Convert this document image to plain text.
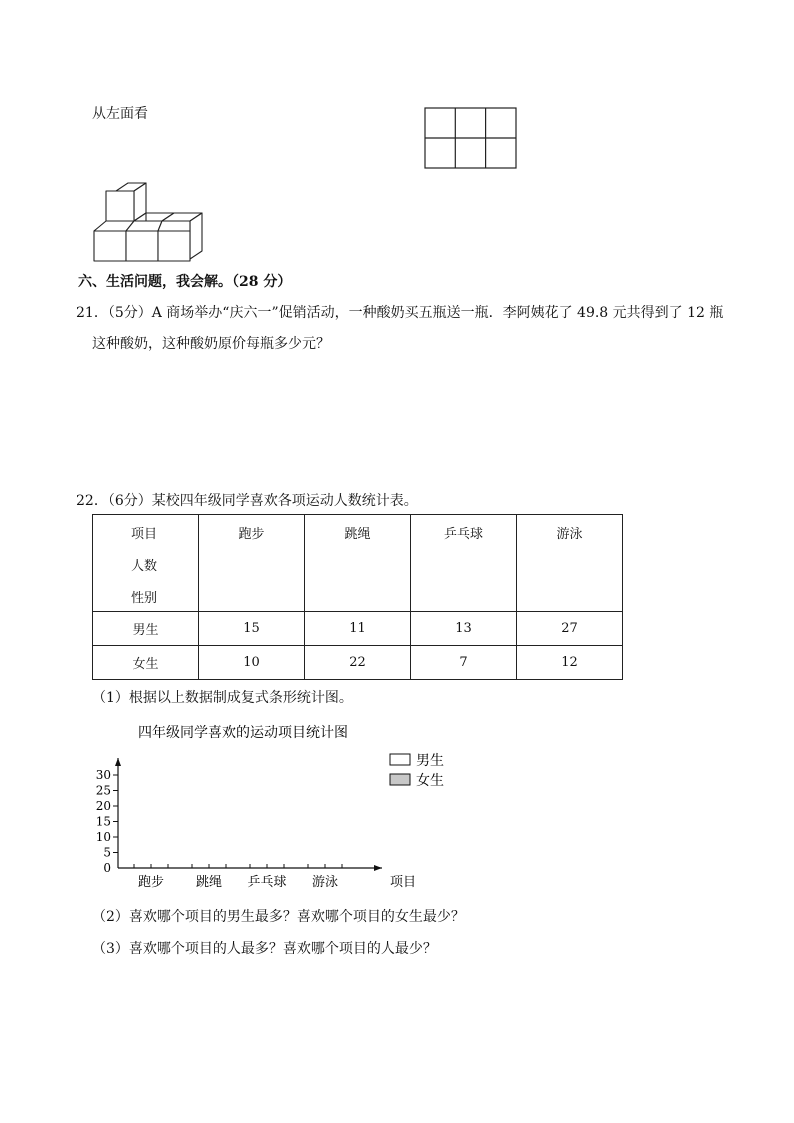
从左面看
六、生活问题，我会解。（28 分）
21．（5分）A 商场举办“庆六一”促销活动，一种酸奶买五瓶送一瓶．李阿姨花了 49.8 元共得到了 12 瓶
这种酸奶，这种酸奶原价每瓶多少元？
22．（6分）某校四年级同学喜欢各项运动人数统计表。
项目
人数
性别	跑步	跳绳	乒乓球	游泳

男生	15	11	13	27
女生	10	22	7	12
（1）根据以上数据制成复式条形统计图。
四年级同学喜欢的运动项目统计图
0
5
10
15
20
25
30
跑步 跳绳 乒乓球 游泳	项目
男生
女生
（2）喜欢哪个项目的男生最多？喜欢哪个项目的女生最少？
（3）喜欢哪个项目的人最多？喜欢哪个项目的人最少？
